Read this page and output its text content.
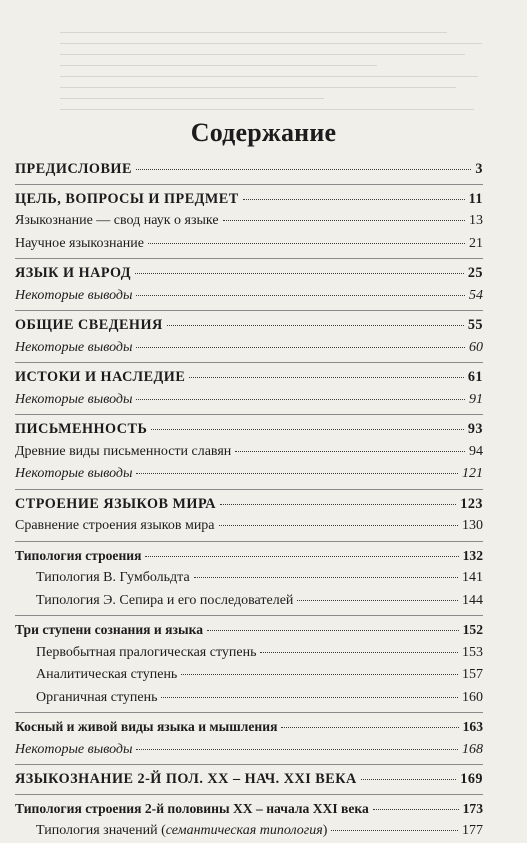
Содержание
ПРЕДИСЛОВИЕ	3
ЦЕЛЬ, ВОПРОСЫ И ПРЕДМЕТ	11
Языкознание — свод наук о языке	13
Научное языкознание	21
ЯЗЫК И НАРОД	25
Некоторые выводы	54
ОБЩИЕ СВЕДЕНИЯ	55
Некоторые выводы	60
ИСТОКИ И НАСЛЕДИЕ	61
Некоторые выводы	91
ПИСЬМЕННОСТЬ	93
Древние виды письменности славян	94
Некоторые выводы	121
СТРОЕНИЕ ЯЗЫКОВ МИРА	123
Сравнение строения языков мира	130
Типология строения	132
Типология В. Гумбольдта	141
Типология Э. Сепира и его последователей	144
Три ступени сознания и языка	152
Первобытная пралогическая ступень	153
Аналитическая ступень	157
Органичная ступень	160
Косный и живой виды языка и мышления	163
Некоторые выводы	168
ЯЗЫКОЗНАНИЕ 2-Й ПОЛ. XX – НАЧ. XXI ВЕКА	169
Типология строения 2-й половины XX – начала XXI века	173
Типология значений (семантическая типология)	177
